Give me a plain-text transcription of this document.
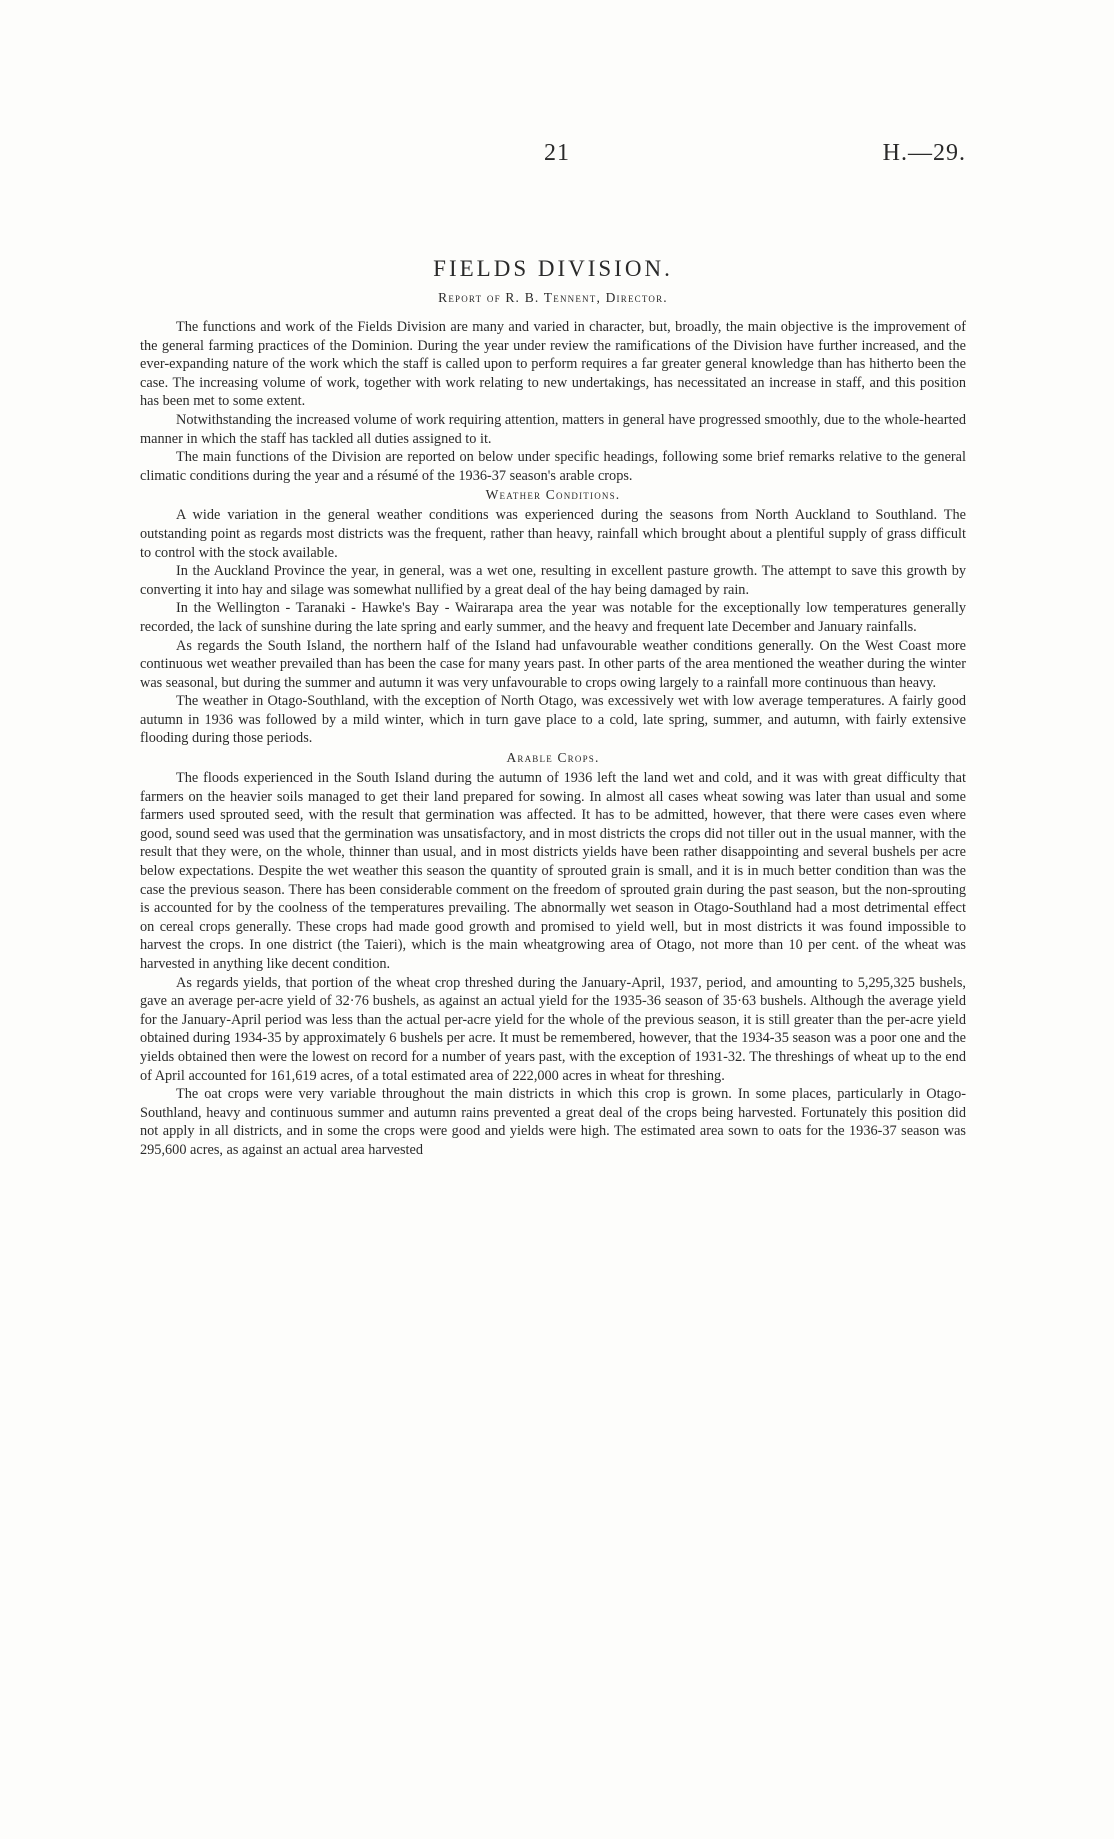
21	H.—29.
FIELDS DIVISION.
Report of R. B. Tennent, Director.

The functions and work of the Fields Division are many and varied in character, but, broadly, the main objective is the improvement of the general farming practices of the Dominion. During the year under review the ramifications of the Division have further increased, and the ever-expanding nature of the work which the staff is called upon to perform requires a far greater general knowledge than has hitherto been the case. The increasing volume of work, together with work relating to new undertakings, has necessitated an increase in staff, and this position has been met to some extent.

Notwithstanding the increased volume of work requiring attention, matters in general have progressed smoothly, due to the whole-hearted manner in which the staff has tackled all duties assigned to it.

The main functions of the Division are reported on below under specific headings, following some brief remarks relative to the general climatic conditions during the year and a résumé of the 1936-37 season's arable crops.

Weather Conditions.

A wide variation in the general weather conditions was experienced during the seasons from North Auckland to Southland. The outstanding point as regards most districts was the frequent, rather than heavy, rainfall which brought about a plentiful supply of grass difficult to control with the stock available.

In the Auckland Province the year, in general, was a wet one, resulting in excellent pasture growth. The attempt to save this growth by converting it into hay and silage was somewhat nullified by a great deal of the hay being damaged by rain.

In the Wellington - Taranaki - Hawke's Bay - Wairarapa area the year was notable for the exceptionally low temperatures generally recorded, the lack of sunshine during the late spring and early summer, and the heavy and frequent late December and January rainfalls.

As regards the South Island, the northern half of the Island had unfavourable weather conditions generally. On the West Coast more continuous wet weather prevailed than has been the case for many years past. In other parts of the area mentioned the weather during the winter was seasonal, but during the summer and autumn it was very unfavourable to crops owing largely to a rainfall more continuous than heavy.

The weather in Otago-Southland, with the exception of North Otago, was excessively wet with low average temperatures. A fairly good autumn in 1936 was followed by a mild winter, which in turn gave place to a cold, late spring, summer, and autumn, with fairly extensive flooding during those periods.

Arable Crops.

The floods experienced in the South Island during the autumn of 1936 left the land wet and cold, and it was with great difficulty that farmers on the heavier soils managed to get their land prepared for sowing. In almost all cases wheat sowing was later than usual and some farmers used sprouted seed, with the result that germination was affected. It has to be admitted, however, that there were cases even where good, sound seed was used that the germination was unsatisfactory, and in most districts the crops did not tiller out in the usual manner, with the result that they were, on the whole, thinner than usual, and in most districts yields have been rather disappointing and several bushels per acre below expectations. Despite the wet weather this season the quantity of sprouted grain is small, and it is in much better condition than was the case the previous season. There has been considerable comment on the freedom of sprouted grain during the past season, but the non-sprouting is accounted for by the coolness of the temperatures prevailing. The abnormally wet season in Otago-Southland had a most detrimental effect on cereal crops generally. These crops had made good growth and promised to yield well, but in most districts it was found impossible to harvest the crops. In one district (the Taieri), which is the main wheatgrowing area of Otago, not more than 10 per cent. of the wheat was harvested in anything like decent condition.

As regards yields, that portion of the wheat crop threshed during the January-April, 1937, period, and amounting to 5,295,325 bushels, gave an average per-acre yield of 32·76 bushels, as against an actual yield for the 1935-36 season of 35·63 bushels. Although the average yield for the January-April period was less than the actual per-acre yield for the whole of the previous season, it is still greater than the per-acre yield obtained during 1934-35 by approximately 6 bushels per acre. It must be remembered, however, that the 1934-35 season was a poor one and the yields obtained then were the lowest on record for a number of years past, with the exception of 1931-32. The threshings of wheat up to the end of April accounted for 161,619 acres, of a total estimated area of 222,000 acres in wheat for threshing.

The oat crops were very variable throughout the main districts in which this crop is grown. In some places, particularly in Otago-Southland, heavy and continuous summer and autumn rains prevented a great deal of the crops being harvested. Fortunately this position did not apply in all districts, and in some the crops were good and yields were high. The estimated area sown to oats for the 1936-37 season was 295,600 acres, as against an actual area harvested
